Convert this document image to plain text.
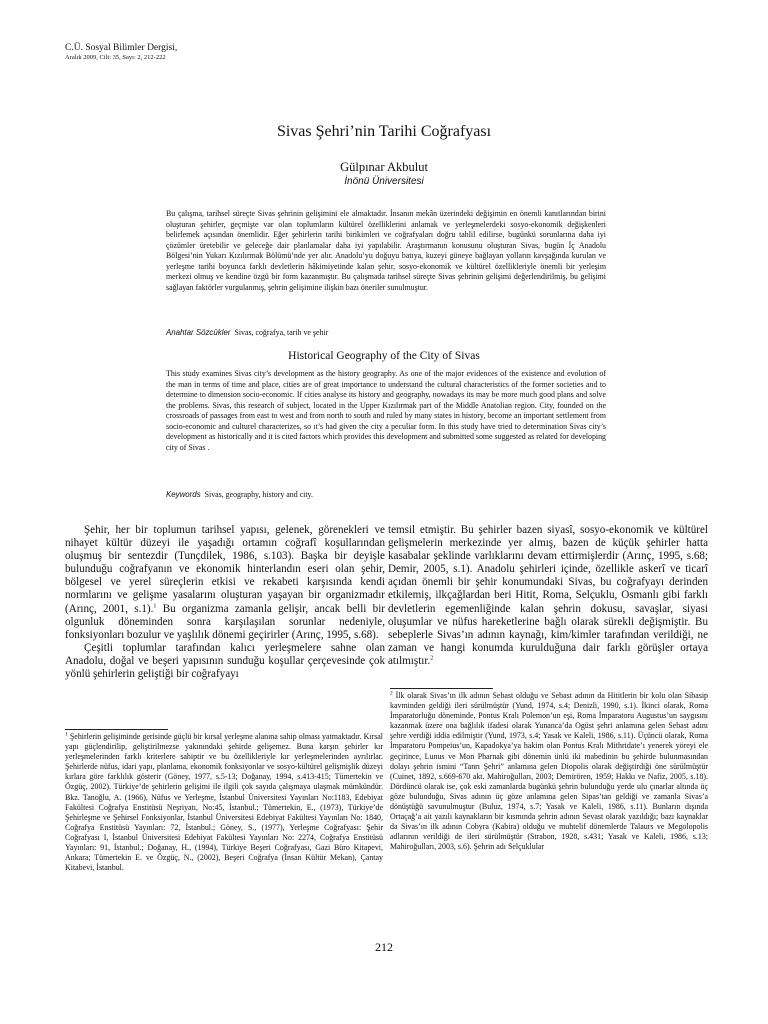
C.Ü. Sosyal Bilimler Dergisi,
Aralık 2009, Cilt: 35, Sayı: 2, 212-222
Sivas Şehri’nin Tarihi Coğrafyası
Gülpınar Akbulut
İnönü Üniversitesi
Bu çalışma, tarihsel süreçte Sivas şehrinin gelişimini ele almaktadır. İnsanın mekân üzerindeki değişimin en önemli kanıtlarından birini oluşturan şehirler, geçmişte var olan toplumların kültürel özelliklerini anlamak ve yerleşmelerdeki sosyo-ekonomik değişkenleri belirlemek açısından önemlidir. Eğer şehirlerin tarihi birikimleri ve coğrafyaları doğru tahlil edilirse, bugünkü sorunlarına daha iyi çözümler üretebilir ve geleceğe dair planlamalar daha iyi yapılabilir. Araştırmanın konusunu oluşturan Sivas, bugün İç Anadolu Bölgesi’nin Yukarı Kızılırmak Bölümü’nde yer alır. Anadolu’yu doğuyu batıya, kuzeyi güneye bağlayan yolların kavşağında kurulan ve yerleşme tarihi boyunca farklı devletlerin hâkimiyetinde kalan şehir, sosyo-ekonomik ve kültürel özellikleriyle önemli bir yerleşim merkezi olmuş ve kendine özgü bir form kazanmıştır. Bu çalışmada tarihsel süreçte Sivas şehrinin gelişimi değerlendirilmiş, bu gelişimi sağlayan faktörler vurgulanmış, şehrin gelişimine ilişkin bazı öneriler sunulmuştur.
Anahtar Sözcükler Sivas, coğrafya, tarih ve şehir
Historical Geography of the City of Sivas
This study examines Sivas city’s development as the history geography. As one of the major evidences of the existence and evolution of the man in terms of time and place, cities are of great importance to understand the cultural characteristics of the former societies and to determine to dimension socio-economic. If cities analyse its history and geography, nowadays its may be more much good plans and solve the problems. Sivas, this research of subject, located in the Upper Kızılırmak part of the Middle Anatolian region. City, founded on the crossroads of passages from east to west and from north to south and ruled by many states in history, become an important settlement from socio-economic and culturel characterizes, so ıt’s had given the city a peculiar form. In this study have tried to determination Sivas city’s development as historically and it is cited factors which provides this development and submitted some suggested as related for developing city of Sivas .
Keywords Sivas, geography, history and city.

Şehir, her bir toplumun tarihsel yapısı, gelenek, görenekleri ve nihayet kültür düzeyi ile yaşadığı ortamın coğrafî koşullarından oluşmuş bir sentezdir (Tunçdilek, 1986, s.103). Başka bir deyişle bulunduğu coğrafyanın ve ekonomik hinterlandın eseri olan şehir, bölgesel ve yerel süreçlerin etkisi ve rekabeti karşısında kendi normlarını ve gelişme yasalarını oluşturan yaşayan bir organizmadır (Arınç, 2001, s.1).$^1$ Bu organizma zamanla gelişir, ancak belli bir olgunluk döneminden sonra karşılaşılan sorunlar nedeniyle, fonksiyonları bozulur ve yaşlılık dönemi geçirirler (Arınç, 1995, s.68).

Çeşitli toplumlar tarafından kalıcı yerleşmelere sahne olan Anadolu, doğal ve beşeri yapısının sunduğu koşullar çerçevesinde çok yönlü şehirlerin geliştiği bir coğrafyayı

temsil etmiştir. Bu şehirler bazen siyasî, sosyo-ekonomik ve kültürel gelişmelerin merkezinde yer almış, bazen de küçük şehirler hatta kasabalar şeklinde varlıklarını devam ettirmişlerdir (Arınç, 1995, s.68; Demir, 2005, s.1). Anadolu şehirleri içinde, özellikle askerî ve ticarî açıdan önemli bir şehir konumundaki Sivas, bu coğrafyayı derinden etkilemiş, ilkçağlardan beri Hitit, Roma, Selçuklu, Osmanlı gibi farklı devletlerin egemenliğinde kalan şehrin dokusu, savaşlar, siyasi oluşumlar ve nüfus hareketlerine bağlı olarak sürekli değişmiştir. Bu sebeplerle Sivas’ın adının kaynağı, kim/kimler tarafından verildiği, ne zaman ve hangi konumda kurulduğuna dair farklı görüşler ortaya atılmıştır.$^2$

$^1$ Şehirlerin gelişiminde gerisinde güçlü bir kırsal yerleşme alanına sahip olması yatmaktadır. Kırsal yapı güçlendirilip, geliştirilmezse yakınındaki şehirde gelişemez. Buna karşın şehirler kır yerleşmelerinden farklı kriterlere sahiptir ve bu özellikleriyle kır yerleşmelerinden ayrılırlar. Şehirlerde nüfus, idari yapı, planlama, ekonomik fonksiyonlar ve sosyo-kültürel gelişmişlik düzeyi kırlara göre farklılık gösterir (Göney, 1977, s.5-13; Doğanay, 1994, s.413-415; Tümertekin ve Özgüç, 2002). Türkiye’de şehirlerin gelişimi ile ilgili çok sayıda çalışmaya ulaşmak mümkündür. Bkz. Tanoğlu, A. (1966), Nüfus ve Yerleşme, İstanbul Üniversitesi Yayınları No:1183, Edebiyat Fakültesi Coğrafya Enstitüsü Neşriyatı, No:45, İstanbul.; Tümertekin, E., (1973), Türkiye’de Şehirleşme ve Şehirsel Fonksiyonlar, İstanbul Üniversitesi Edebiyat Fakültesi Yayınları No: 1840, Coğrafya Enstitüsü Yayınları: 72, İstanbul.; Göney, S., (1977), Yerleşme Coğrafyası: Şehir Coğrafyası I, İstanbul Üniversitesi Edebiyat Fakültesi Yayınları No: 2274, Coğrafya Enstitüsü Yayınları: 91, İstanbul.; Doğanay, H., (1994), Türkiye Beşeri Coğrafyası, Gazi Büro Kitapevi, Ankara; Tümertekin E. ve Özgüç, N., (2002), Beşeri Coğrafya (İnsan Kültür Mekan), Çantay Kitabevi, İstanbul.
$^2$ İlk olarak Sivas’ın ilk adının Sebast olduğu ve Sebast adının da Hititlerin bir kolu olan Sibasip kavminden geldiği ileri sürülmüştür (Yund, 1974, s.4; Denizli, 1990, s.1). İkinci olarak, Roma İmparatorluğu döneminde, Pontus Kralı Polemon’un eşi, Roma İmparatoru Augustus’un saygısını kazanmak üzere ona bağlılık ifadesi olarak Yunanca’da Ogüst şehri anlamına gelen Sebast adını şehre verdiği iddia edilmiştir (Yund, 1973, s.4; Yasak ve Kaleli, 1986, s.11). Üçüncü olarak, Roma İmparatoru Pompeius’un, Kapadokya’ya hakim olan Pontus Kralı Mithridate’ı yenerek yöreyi ele geçirince, Lunus ve Mon Pharnak gibi dönemin ünlü iki mabedinin bu şehirde bulunmasından dolayı şehrin ismini “Tanrı Şehri” anlamına gelen Diopolis olarak değiştirdiği öne sürülmüştür (Cuinet, 1892, s.669-670 akt. Mahiroğulları, 2003; Demirören, 1959; Hakkı ve Nafiz, 2005, s.18). Dördüncü olarak ise, çok eski zamanlarda bugünkü şehrin bulunduğu yerde ulu çınarlar altında üç göze bulunduğu, Sivas adının üç göze anlamına gelen Sipas’tan geldiği ve zamanla Sivas’a dönüştüğü savunulmuştur (Buluz, 1974, s.7; Yasak ve Kaleli, 1986, s.11). Bunların dışında Ortaçağ’a ait yazılı kaynakların bir kısmında şehrin adının Sevast olarak yazıldığı; bazı kaynaklar da Sivas’ın ilk adının Cobyra (Kabira) olduğu ve muhtelif dönemlerde Talaurs ve Megolopolis adlarının verildiği de ileri sürülmüştür (Strabon, 1928, s.431; Yasak ve Kaleli, 1986, s.13; Mahiroğulları, 2003, s.6). Şehrin adı Selçuklular
212
